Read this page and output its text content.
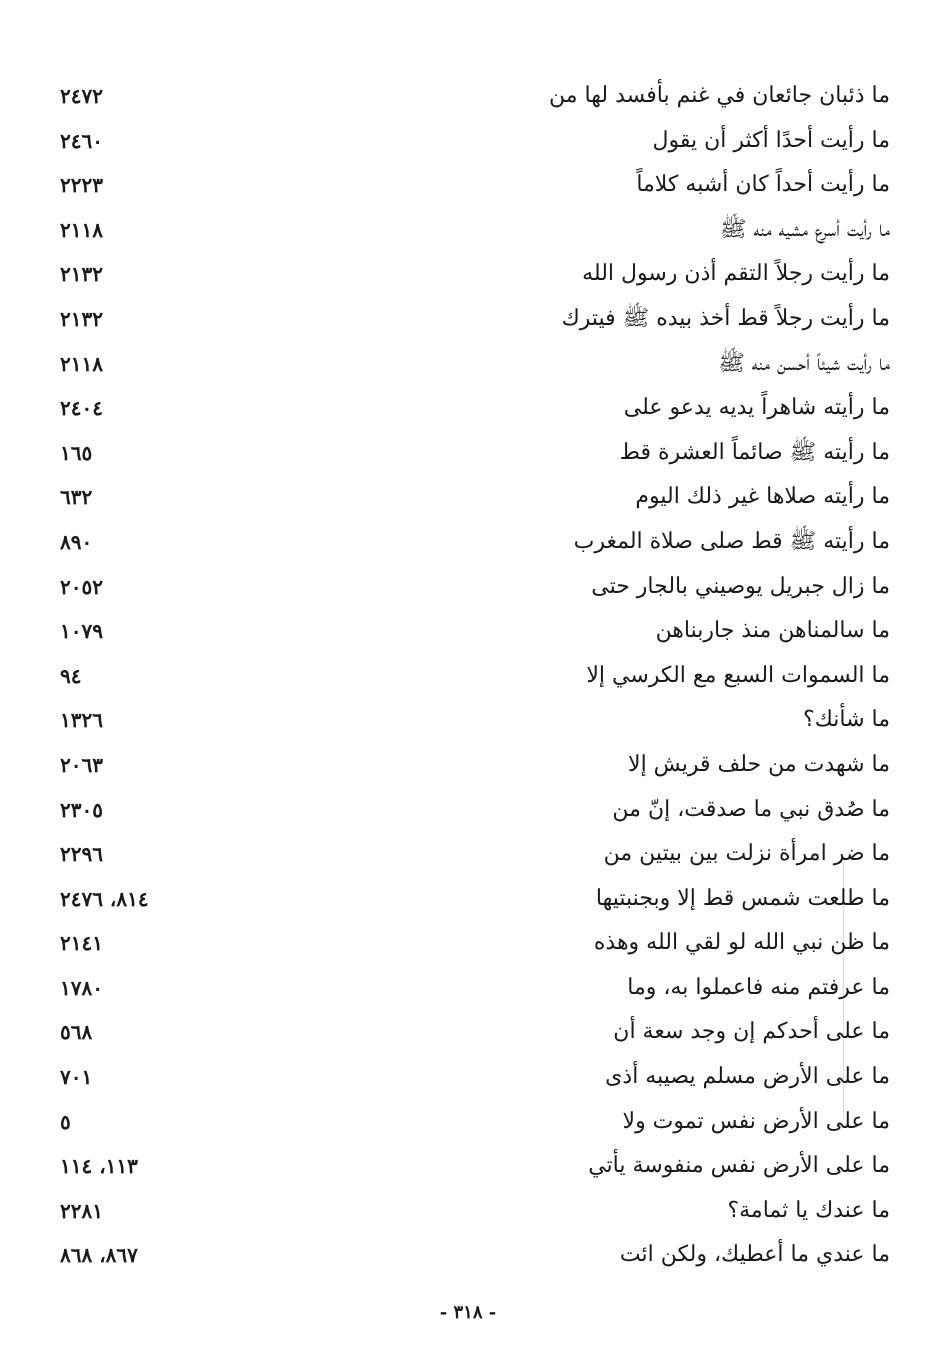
ما ذئبان جائعان في غنم بأفسد لها من
٢٤٧٢
ما رأيت أحدًا أكثر أن يقول
٢٤٦٠
ما رأيت أحداً كان أشبه كلاماً
٢٢٢٣
ما رأيت أسرع مشيه منه ﷺ
٢١١٨
ما رأيت رجلاً التقم أذن رسول الله
٢١٣٢
ما رأيت رجلاً قط أخذ بيده ﷺ فيترك
٢١٣٢
ما رأيت شيئاً أحسن منه ﷺ
٢١١٨
ما رأيته شاهراً يديه يدعو على
٢٤٠٤
ما رأيته ﷺ صائماً العشرة قط
١٦٥
ما رأيته صلاها غير ذلك اليوم
٦٣٢
ما رأيته ﷺ قط صلى صلاة المغرب
٨٩٠
ما زال جبريل يوصيني بالجار حتى
٢٠٥٢
ما سالمناهن منذ جاربناهن
١٠٧٩
ما السموات السبع مع الكرسي إلا
٩٤
ما شأنك؟
١٣٢٦
ما شهدت من حلف قريش إلا
٢٠٦٣
ما صُدق نبي ما صدقت، إنّ من
٢٣٠٥
ما ضر امرأة نزلت بين بيتين من
٢٢٩٦
ما طلعت شمس قط إلا وبجنبتيها
٨١٤، ٢٤٧٦
ما ظن نبي الله لو لقي الله وهذه
٢١٤١
ما عرفتم منه فاعملوا به، وما
١٧٨٠
ما على أحدكم إن وجد سعة أن
٥٦٨
ما على الأرض مسلم يصيبه أذى
٧٠١
ما على الأرض نفس تموت ولا
٥
ما على الأرض نفس منفوسة يأتي
١١٣، ١١٤
ما عندك يا ثمامة؟
٢٢٨١
ما عندي ما أعطيك، ولكن ائت
٨٦٧، ٨٦٨
- ٣١٨ -
